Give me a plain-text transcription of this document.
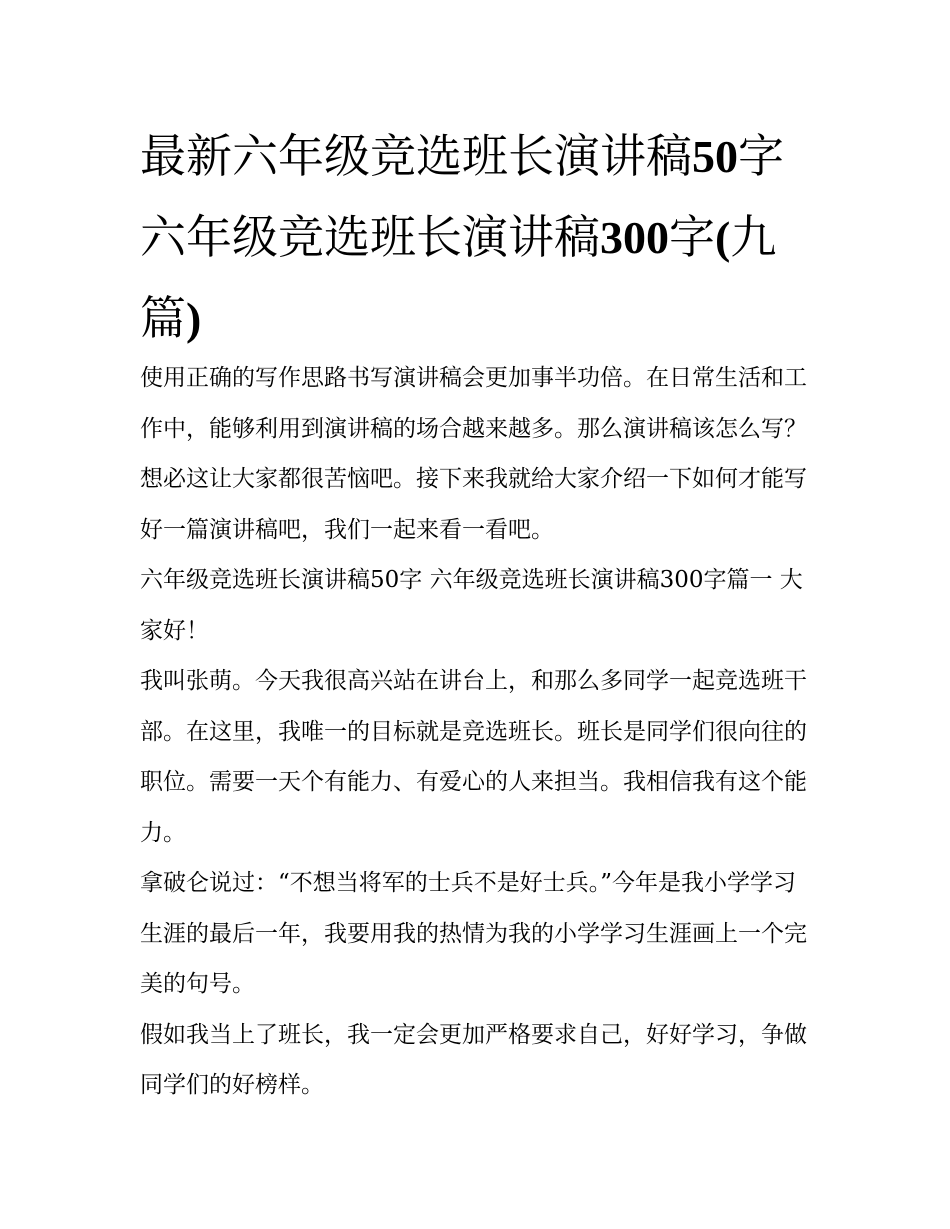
最新六年级竞选班长演讲稿50字 六年级竞选班长演讲稿300字(九篇)

使用正确的写作思路书写演讲稿会更加事半功倍。在日常生活和工作中，能够利用到演讲稿的场合越来越多。那么演讲稿该怎么写？想必这让大家都很苦恼吧。接下来我就给大家介绍一下如何才能写好一篇演讲稿吧，我们一起来看一看吧。

六年级竞选班长演讲稿50字 六年级竞选班长演讲稿300字篇一 大家好！

我叫张萌。今天我很高兴站在讲台上，和那么多同学一起竞选班干部。在这里，我唯一的目标就是竞选班长。班长是同学们很向往的职位。需要一天个有能力、有爱心的人来担当。我相信我有这个能力。

拿破仑说过：“不想当将军的士兵不是好士兵。”今年是我小学学习生涯的最后一年，我要用我的热情为我的小学学习生涯画上一个完美的句号。

假如我当上了班长，我一定会更加严格要求自己，好好学习，争做同学们的好榜样。
